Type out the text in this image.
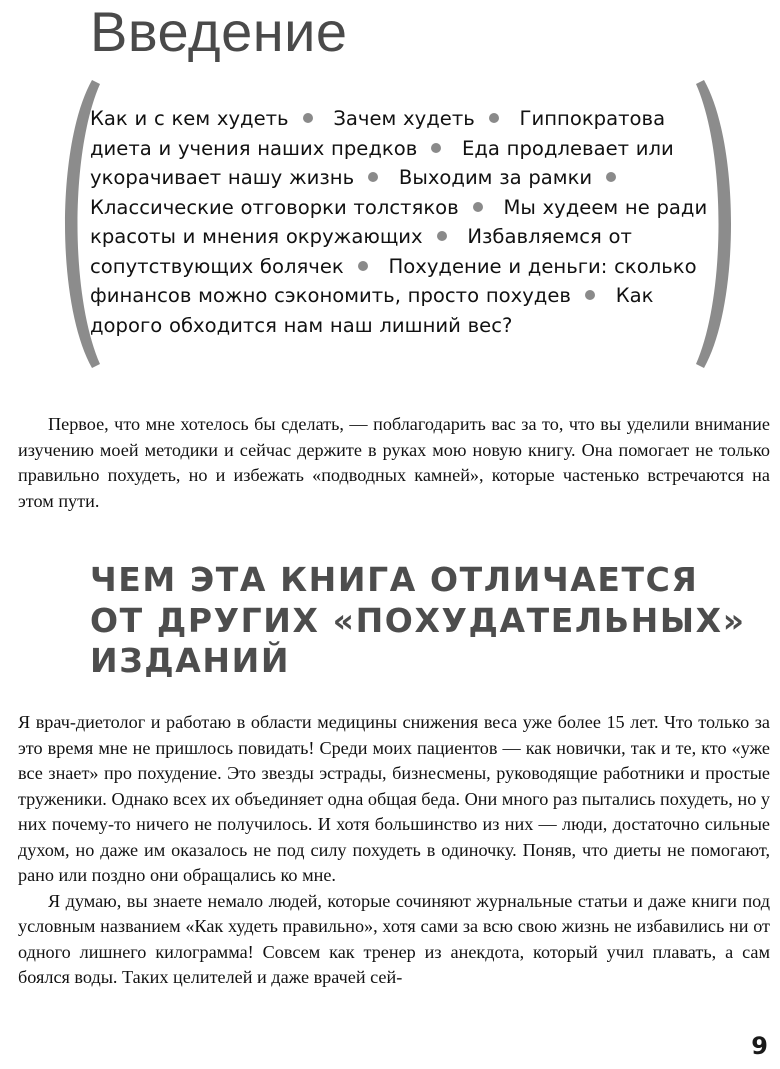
Введение
Как и с кем худеть Зачем худеть Гиппократова диета и учения наших предков Еда продлевает или укорачивает нашу жизнь Выходим за рамки Классические отговорки толстяков Мы худеем не ради красоты и мнения окружающих Избавляемся от сопутствующих болячек Похудение и деньги: сколько финансов можно сэкономить, просто похудев Как дорого обходится нам наш лишний вес?

Первое, что мне хотелось бы сделать, — поблагодарить вас за то, что вы уделили внимание изучению моей методики и сейчас держите в руках мою новую книгу. Она помогает не только правильно похудеть, но и избежать «подводных камней», которые частенько встречаются на этом пути.

ЧЕМ ЭТА КНИГА ОТЛИЧАЕТСЯ
ОТ ДРУГИХ «ПОХУДАТЕЛЬНЫХ»
ИЗДАНИЙ

Я врач-диетолог и работаю в области медицины снижения веса уже более 15 лет. Что только за это время мне не пришлось повидать! Среди моих пациентов — как новички, так и те, кто «уже все знает» про похудение. Это звезды эстрады, бизнесмены, руководящие работники и простые труженики. Однако всех их объединяет одна общая беда. Они много раз пытались похудеть, но у них почему-то ничего не получилось. И хотя большинство из них — люди, достаточно сильные духом, но даже им оказалось не под силу похудеть в одиночку. Поняв, что диеты не помогают, рано или поздно они обращались ко мне.

Я думаю, вы знаете немало людей, которые сочиняют журнальные статьи и даже книги под условным названием «Как худеть правильно», хотя сами за всю свою жизнь не избавились ни от одного лишнего килограмма! Совсем как тренер из анекдота, который учил плавать, а сам боялся воды. Таких целителей и даже врачей сей-

9
